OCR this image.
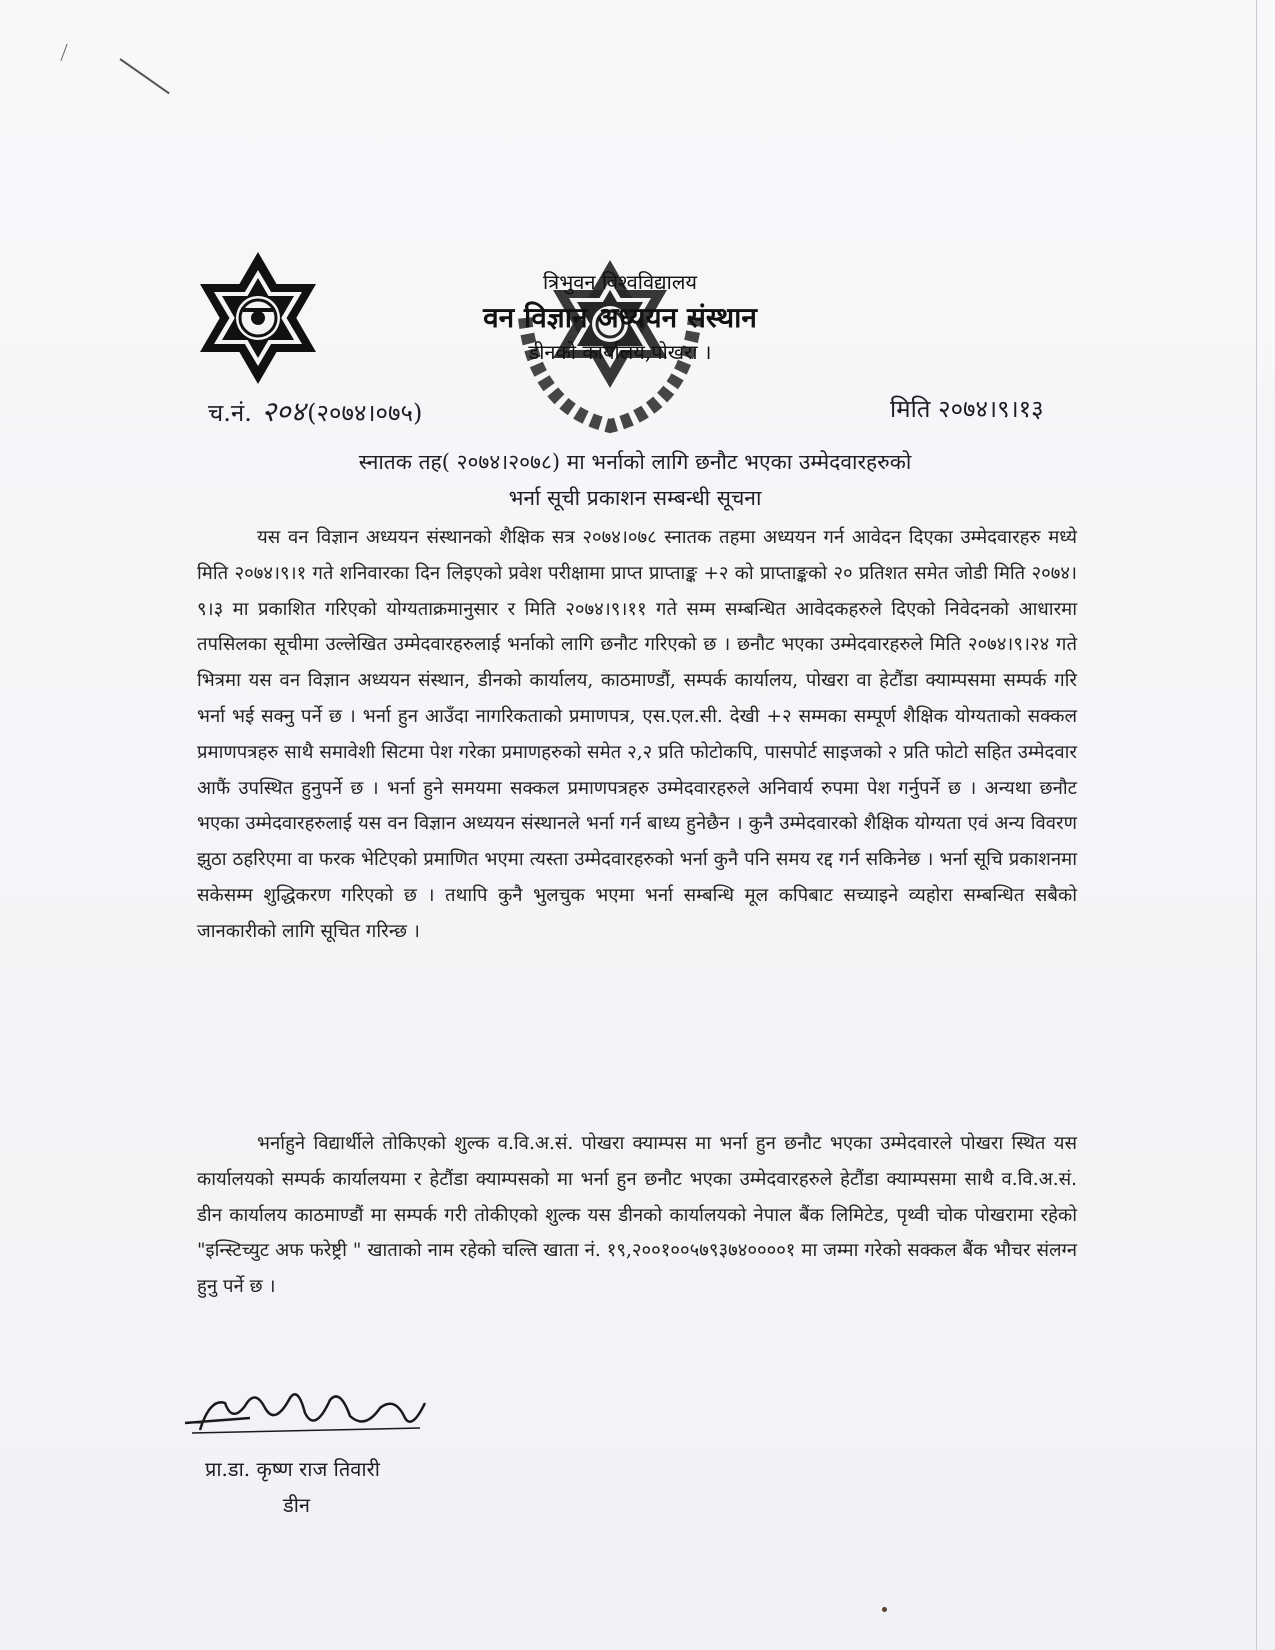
त्रिभुवन विश्वविद्यालय
वन विज्ञान अध्ययन संस्थान
डीनको कार्यालय,पोखरा ।
च.नं. २०४(२०७४।०७५)	मिति २०७४।९।१३
स्नातक तह( २०७४।२०७८) मा भर्नाको लागि छनौट भएका उम्मेदवारहरुको
भर्ना सूची प्रकाशन सम्बन्धी सूचना
यस वन विज्ञान अध्ययन संस्थानको शैक्षिक सत्र २०७४।०७८ स्नातक तहमा अध्ययन गर्न आवेदन दिएका उम्मेदवारहरु मध्ये मिति २०७४।९।१ गते शनिवारका दिन लिइएको प्रवेश परीक्षामा प्राप्त प्राप्ताङ्क +२ को प्राप्ताङ्कको २० प्रतिशत समेत जोडी मिति २०७४।९।३ मा प्रकाशित गरिएको योग्यताक्रमानुसार र मिति २०७४।९।११ गते सम्म सम्बन्धित आवेदकहरुले दिएको निवेदनको आधारमा तपसिलका सूचीमा उल्लेखित उम्मेदवारहरुलाई भर्नाको लागि छनौट गरिएको छ । छनौट भएका उम्मेदवारहरुले मिति २०७४।९।२४ गते भित्रमा यस वन विज्ञान अध्ययन संस्थान, डीनको कार्यालय, काठमाण्डौं, सम्पर्क कार्यालय, पोखरा वा हेटौंडा क्याम्पसमा सम्पर्क गरि भर्ना भई सक्नु पर्ने छ । भर्ना हुन आउँदा नागरिकताको प्रमाणपत्र, एस.एल.सी. देखी +२ सम्मका सम्पूर्ण शैक्षिक योग्यताको सक्कल प्रमाणपत्रहरु साथै समावेशी सिटमा पेश गरेका प्रमाणहरुको समेत २,२ प्रति फोटोकपि, पासपोर्ट साइजको २ प्रति फोटो सहित उम्मेदवार आफैं उपस्थित हुनुपर्ने छ । भर्ना हुने समयमा सक्कल प्रमाणपत्रहरु उम्मेदवारहरुले अनिवार्य रुपमा पेश गर्नुपर्ने छ । अन्यथा छनौट भएका उम्मेदवारहरुलाई यस वन विज्ञान अध्ययन संस्थानले भर्ना गर्न बाध्य हुनेछैन । कुनै उम्मेदवारको शैक्षिक योग्यता एवं अन्य विवरण झुठा ठहरिएमा वा फरक भेटिएको प्रमाणित भएमा त्यस्ता उम्मेदवारहरुको भर्ना कुनै पनि समय रद्द गर्न सकिनेछ । भर्ना सूचि प्रकाशनमा सकेसम्म शुद्धिकरण गरिएको छ । तथापि कुनै भुलचुक भएमा भर्ना सम्बन्धि मूल कपिबाट सच्याइने व्यहोरा सम्बन्धित सबैको जानकारीको लागि सूचित गरिन्छ ।
भर्नाहुने विद्यार्थीले तोकिएको शुल्क व.वि.अ.सं. पोखरा क्याम्पस मा भर्ना हुन छनौट भएका उम्मेदवारले पोखरा स्थित यस कार्यालयको सम्पर्क कार्यालयमा र हेटौंडा क्याम्पसको मा भर्ना हुन छनौट भएका उम्मेदवारहरुले हेटौंडा क्याम्पसमा साथै व.वि.अ.सं. डीन कार्यालय काठमाण्डौं मा सम्पर्क गरी तोकीएको शुल्क यस डीनको कार्यालयको नेपाल बैंक लिमिटेड, पृथ्वी चोक पोखरामा रहेको "इन्स्टिच्युट अफ फरेष्ट्री " खाताको नाम रहेको चल्ति खाता नं. १९,२००१००५७९३७४००००१ मा जम्मा गरेको सक्कल बैंक भौचर संलग्न हुनु पर्ने छ ।
प्रा.डा. कृष्ण राज तिवारी
डीन
